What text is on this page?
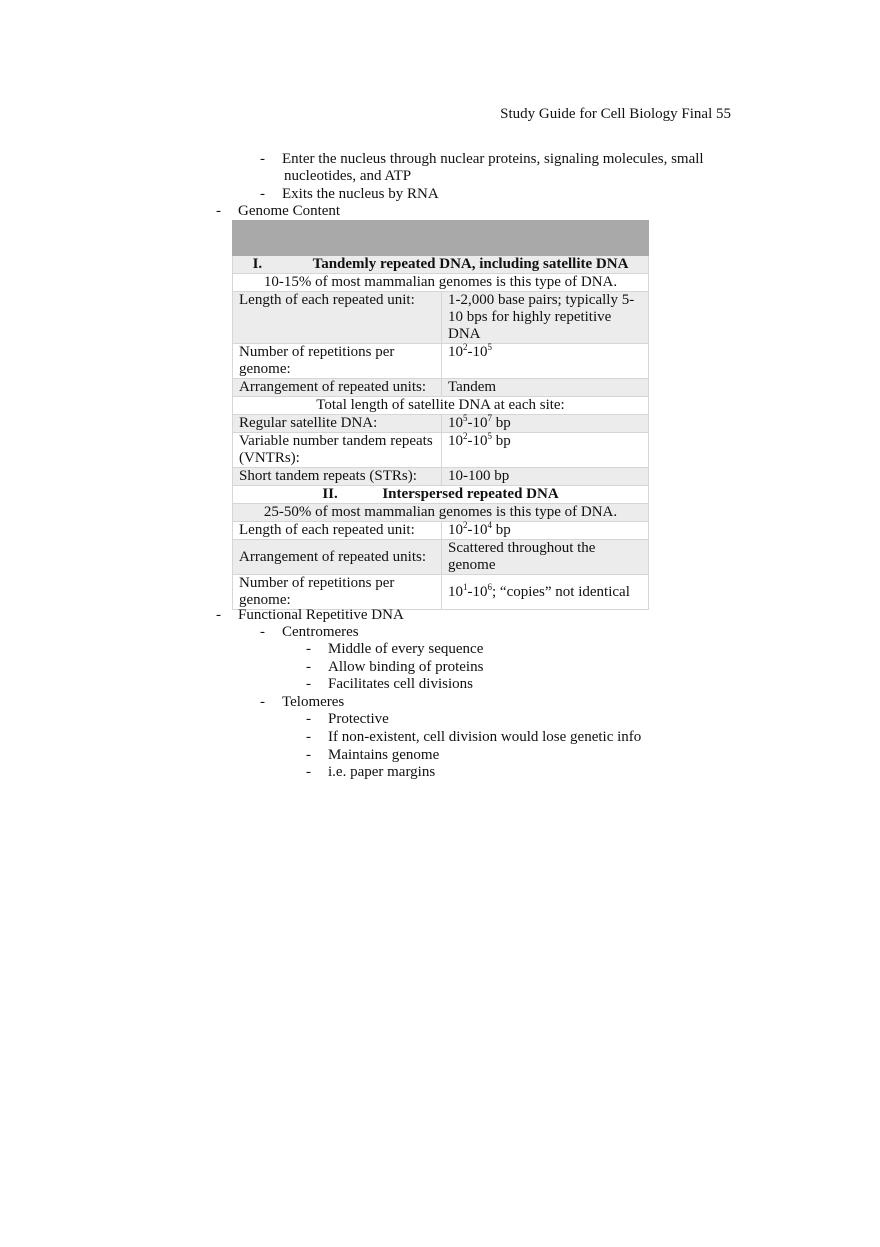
Study Guide for Cell Biology Final 55
- Enter the nucleus through nuclear proteins, signaling molecules, small
nucleotides, and ATP
- Exits the nucleus by RNA
- Genome Content

I. Tandemly repeated DNA, including satellite DNA	
10-15% of most mammalian genomes is this type of DNA.	
Length of each repeated unit:	1-2,000 base pairs; typically 5-
10 bps for highly repetitive
DNA
Number of repetitions per
genome:	$10^2-10^5$
Arrangement of repeated units:	Tandem
Total length of satellite DNA at each site:	
Regular satellite DNA:	$10^5-10^7$ bp
Variable number tandem repeats
(VNTRs):	$10^2-10^5$ bp
Short tandem repeats (STRs):	10-100 bp
II. Interspersed repeated DNA	
25-50% of most mammalian genomes is this type of DNA.	
Length of each repeated unit:	$10^2-10^4$ bp
Arrangement of repeated units:	Scattered throughout the
genome
Number of repetitions per
genome:	$10^1-10^6$; “copies” not identical
- Functional Repetitive DNA
- Centromeres
- Middle of every sequence
- Allow binding of proteins
- Facilitates cell divisions
- Telomeres
- Protective
- If non-existent, cell division would lose genetic info
- Maintains genome
- i.e. paper margins
